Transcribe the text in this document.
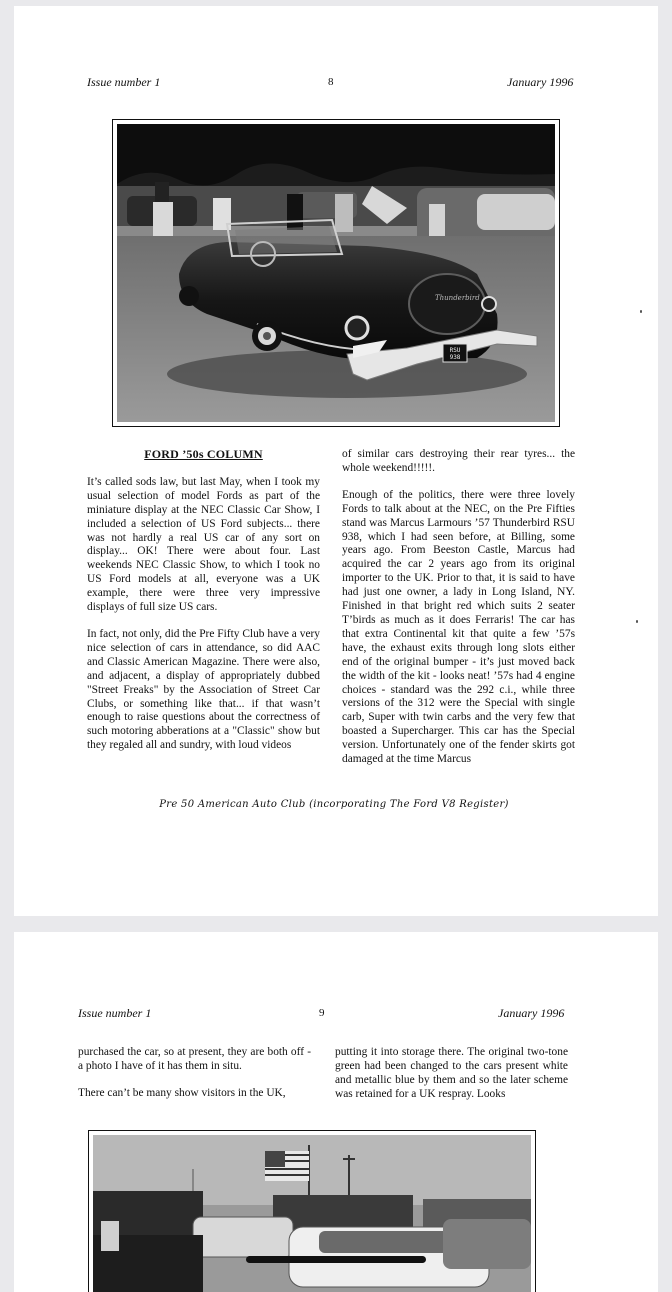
Issue number 1	8	January 1996
Thunderbird
RSU
938
FORD ’50s COLUMN

It’s called sods law, but last May, when I took my usual selection of model Fords as part of the miniature display at the NEC Classic Car Show, I included a selection of US Ford subjects... there was not hardly a real US car of any sort on display... OK! There were about four. Last weekends NEC Classic Show, to which I took no US Ford models at all, everyone was a UK example, there were three very impressive displays of full size US cars.

In fact, not only, did the Pre Fifty Club have a very nice selection of cars in attendance, so did AAC and Classic American Magazine. There were also, and adjacent, a display of appropriately dubbed "Street Freaks" by the Association of Street Car Clubs, or something like that... if that wasn’t enough to raise questions about the correctness of such motoring abberations at a "Classic" show but they regaled all and sundry, with loud videos

of similar cars destroying their rear tyres... the whole weekend!!!!!.

Enough of the politics, there were three lovely Fords to talk about at the NEC, on the Pre Fifties stand was Marcus Larmours ’57 Thunderbird RSU 938, which I had seen before, at Billing, some years ago. From Beeston Castle, Marcus had acquired the car 2 years ago from its original importer to the UK. Prior to that, it is said to have had just one owner, a lady in Long Island, NY. Finished in that bright red which suits 2 seater T’birds as much as it does Ferraris! The car has that extra Continental kit that quite a few ’57s have, the exhaust exits through long slots either end of the original bumper - it’s just moved back the width of the kit - looks neat! ’57s had 4 engine choices - standard was the 292 c.i., while three versions of the 312 were the Special with single carb, Super with twin carbs and the very few that boasted a Supercharger. This car has the Special version. Unfortunately one of the fender skirts got damaged at the time Marcus

Pre 50 American Auto Club (incorporating The Ford V8 Register)
Issue number 1	9	January 1996

purchased the car, so at present, they are both off - a photo I have of it has them in situ.

There can’t be many show visitors in the UK,

putting it into storage there. The original two-tone green had been changed to the cars present white and metallic blue by them and so the later scheme was retained for a UK respray. Looks
